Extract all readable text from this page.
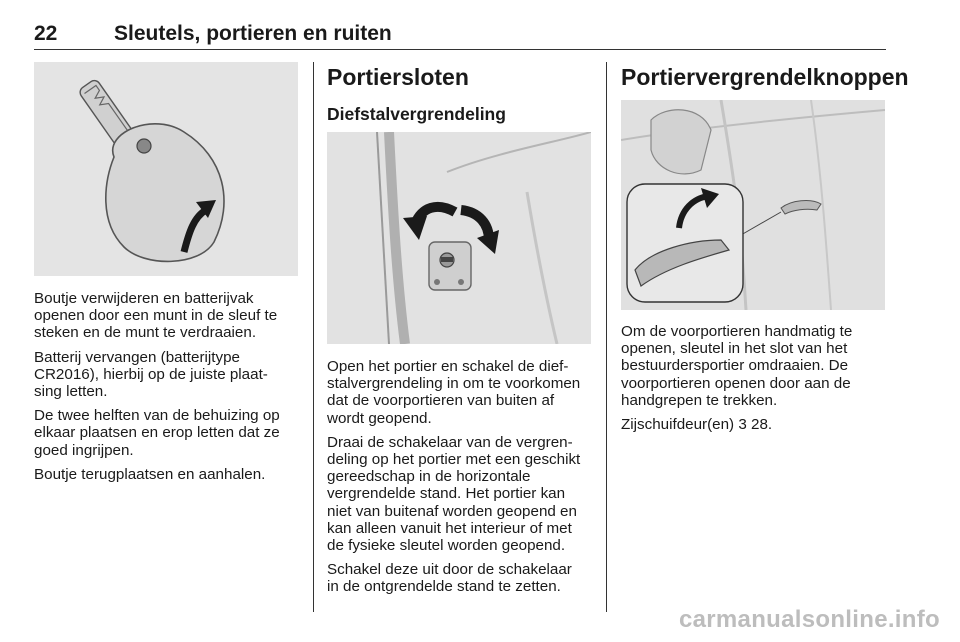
22	Sleutels, portieren en ruiten

Boutje verwijderen en batterijvak
openen door een munt in de sleuf te
steken en de munt te verdraaien.

Batterij vervangen (batterijtype
CR2016), hierbij op de juiste plaat-
sing letten.

De twee helften van de behuizing op
elkaar plaatsen en erop letten dat ze
goed ingrijpen.

Boutje terugplaatsen en aanhalen.

Portiersloten
Diefstalvergrendeling

Open het portier en schakel de dief-
stalvergrendeling in om te voorkomen
dat de voorportieren van buiten af
wordt geopend.

Draai de schakelaar van de vergren-
deling op het portier met een geschikt
gereedschap in de horizontale
vergrendelde stand. Het portier kan
niet van buitenaf worden geopend en
kan alleen vanuit het interieur of met
de fysieke sleutel worden geopend.

Schakel deze uit door de schakelaar
in de ontgrendelde stand te zetten.

Portiervergrendelknoppen

Om de voorportieren handmatig te
openen, sleutel in het slot van het
bestuurdersportier omdraaien. De
voorportieren openen door aan de
handgrepen te trekken.

Zijschuifdeur(en) 3 28.

carmanualsonline.info
